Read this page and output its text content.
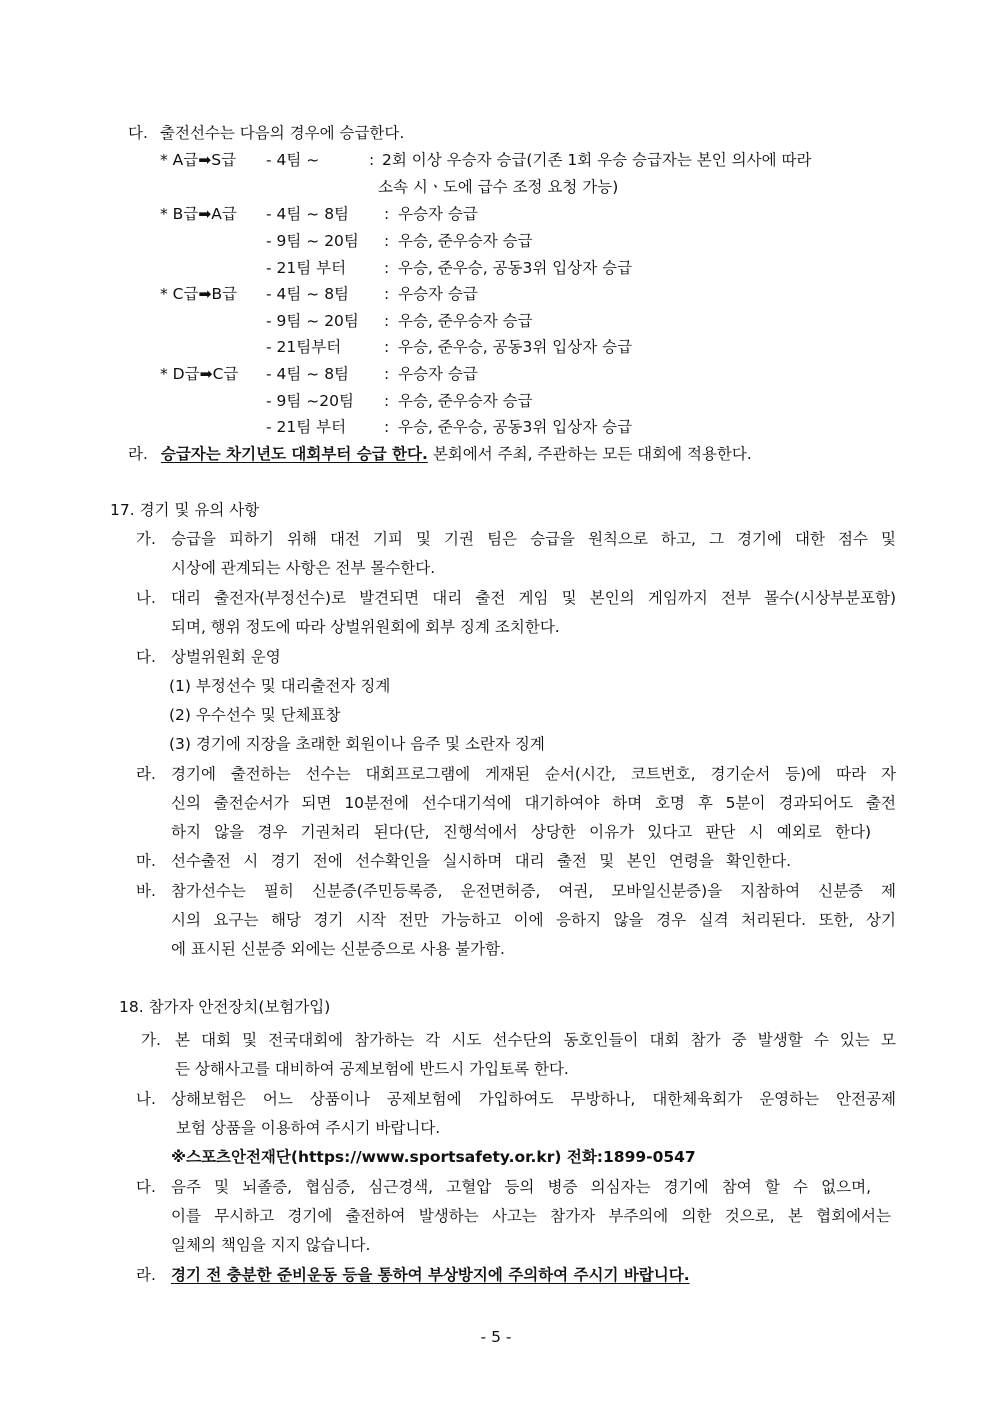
다. 출전선수는 다음의 경우에 승급한다.
* A급➡S급 - 4팀 ~	: 2회 이상 우승자 승급(기존 1회 우승 승급자는 본인 의사에 따라
소속 시ㆍ도에 급수 조정 요청 가능)
* B급➡A급 - 4팀 ~ 8팀 : 우승자 승급
- 9팀 ~ 20팀 : 우승, 준우승자 승급
- 21팀 부터 : 우승, 준우승, 공동3위 입상자 승급
* C급➡B급 - 4팀 ~ 8팀 : 우승자 승급
- 9팀 ~ 20팀 : 우승, 준우승자 승급
- 21팀부터	: 우승, 준우승, 공동3위 입상자 승급
* D급➡C급 - 4팀 ~ 8팀 : 우승자 승급
- 9팀 ~20팀 : 우승, 준우승자 승급
- 21팀 부터 : 우승, 준우승, 공동3위 입상자 승급
라. 승급자는 차기년도 대회부터 승급 한다. 본회에서 주최, 주관하는 모든 대회에 적용한다.
17. 경기 및 유의 사항
가. 승급을 피하기 위해 대전 기피 및 기권 팀은 승급을 원칙으로 하고, 그 경기에 대한 점수 및
시상에 관계되는 사항은 전부 몰수한다.
나. 대리 출전자(부정선수)로 발견되면 대리 출전 게임 및 본인의 게임까지 전부 몰수(시상부분포함)
되며, 행위 정도에 따라 상벌위원회에 회부 징계 조치한다.
다. 상벌위원회 운영
(1) 부정선수 및 대리출전자 징계
(2) 우수선수 및 단체표창
(3) 경기에 지장을 초래한 회원이나 음주 및 소란자 징계
라. 경기에 출전하는 선수는 대회프로그램에 게재된 순서(시간, 코트번호, 경기순서 등)에 따라 자
신의 출전순서가 되면 10분전에 선수대기석에 대기하여야 하며 호명 후 5분이 경과되어도 출전
하지 않을 경우 기권처리 된다(단, 진행석에서 상당한 이유가 있다고 판단 시 예외로 한다)
마. 선수출전 시 경기 전에 선수확인을 실시하며 대리 출전 및 본인 연령을 확인한다.
바. 참가선수는 필히 신분증(주민등록증, 운전면허증, 여권, 모바일신분증)을 지참하여 신분증 제
시의 요구는 해당 경기 시작 전만 가능하고 이에 응하지 않을 경우 실격 처리된다. 또한, 상기
에 표시된 신분증 외에는 신분증으로 사용 불가함.
18. 참가자 안전장치(보험가입)
가. 본 대회 및 전국대회에 참가하는 각 시도 선수단의 동호인들이 대회 참가 중 발생할 수 있는 모
든 상해사고를 대비하여 공제보험에 반드시 가입토록 한다.
나. 상해보험은 어느 상품이나 공제보험에 가입하여도 무방하나, 대한체육회가 운영하는 안전공제
보험 상품을 이용하여 주시기 바랍니다.
※스포츠안전재단(https://www.sportsafety.or.kr) 전화:1899-0547
다. 음주 및 뇌졸증, 협심증, 심근경색, 고혈압 등의 병증 의심자는 경기에 참여 할 수 없으며,
이를 무시하고 경기에 출전하여 발생하는 사고는 참가자 부주의에 의한 것으로, 본 협회에서는
일체의 책임을 지지 않습니다.
라. 경기 전 충분한 준비운동 등을 통하여 부상방지에 주의하여 주시기 바랍니다.
- 5 -
